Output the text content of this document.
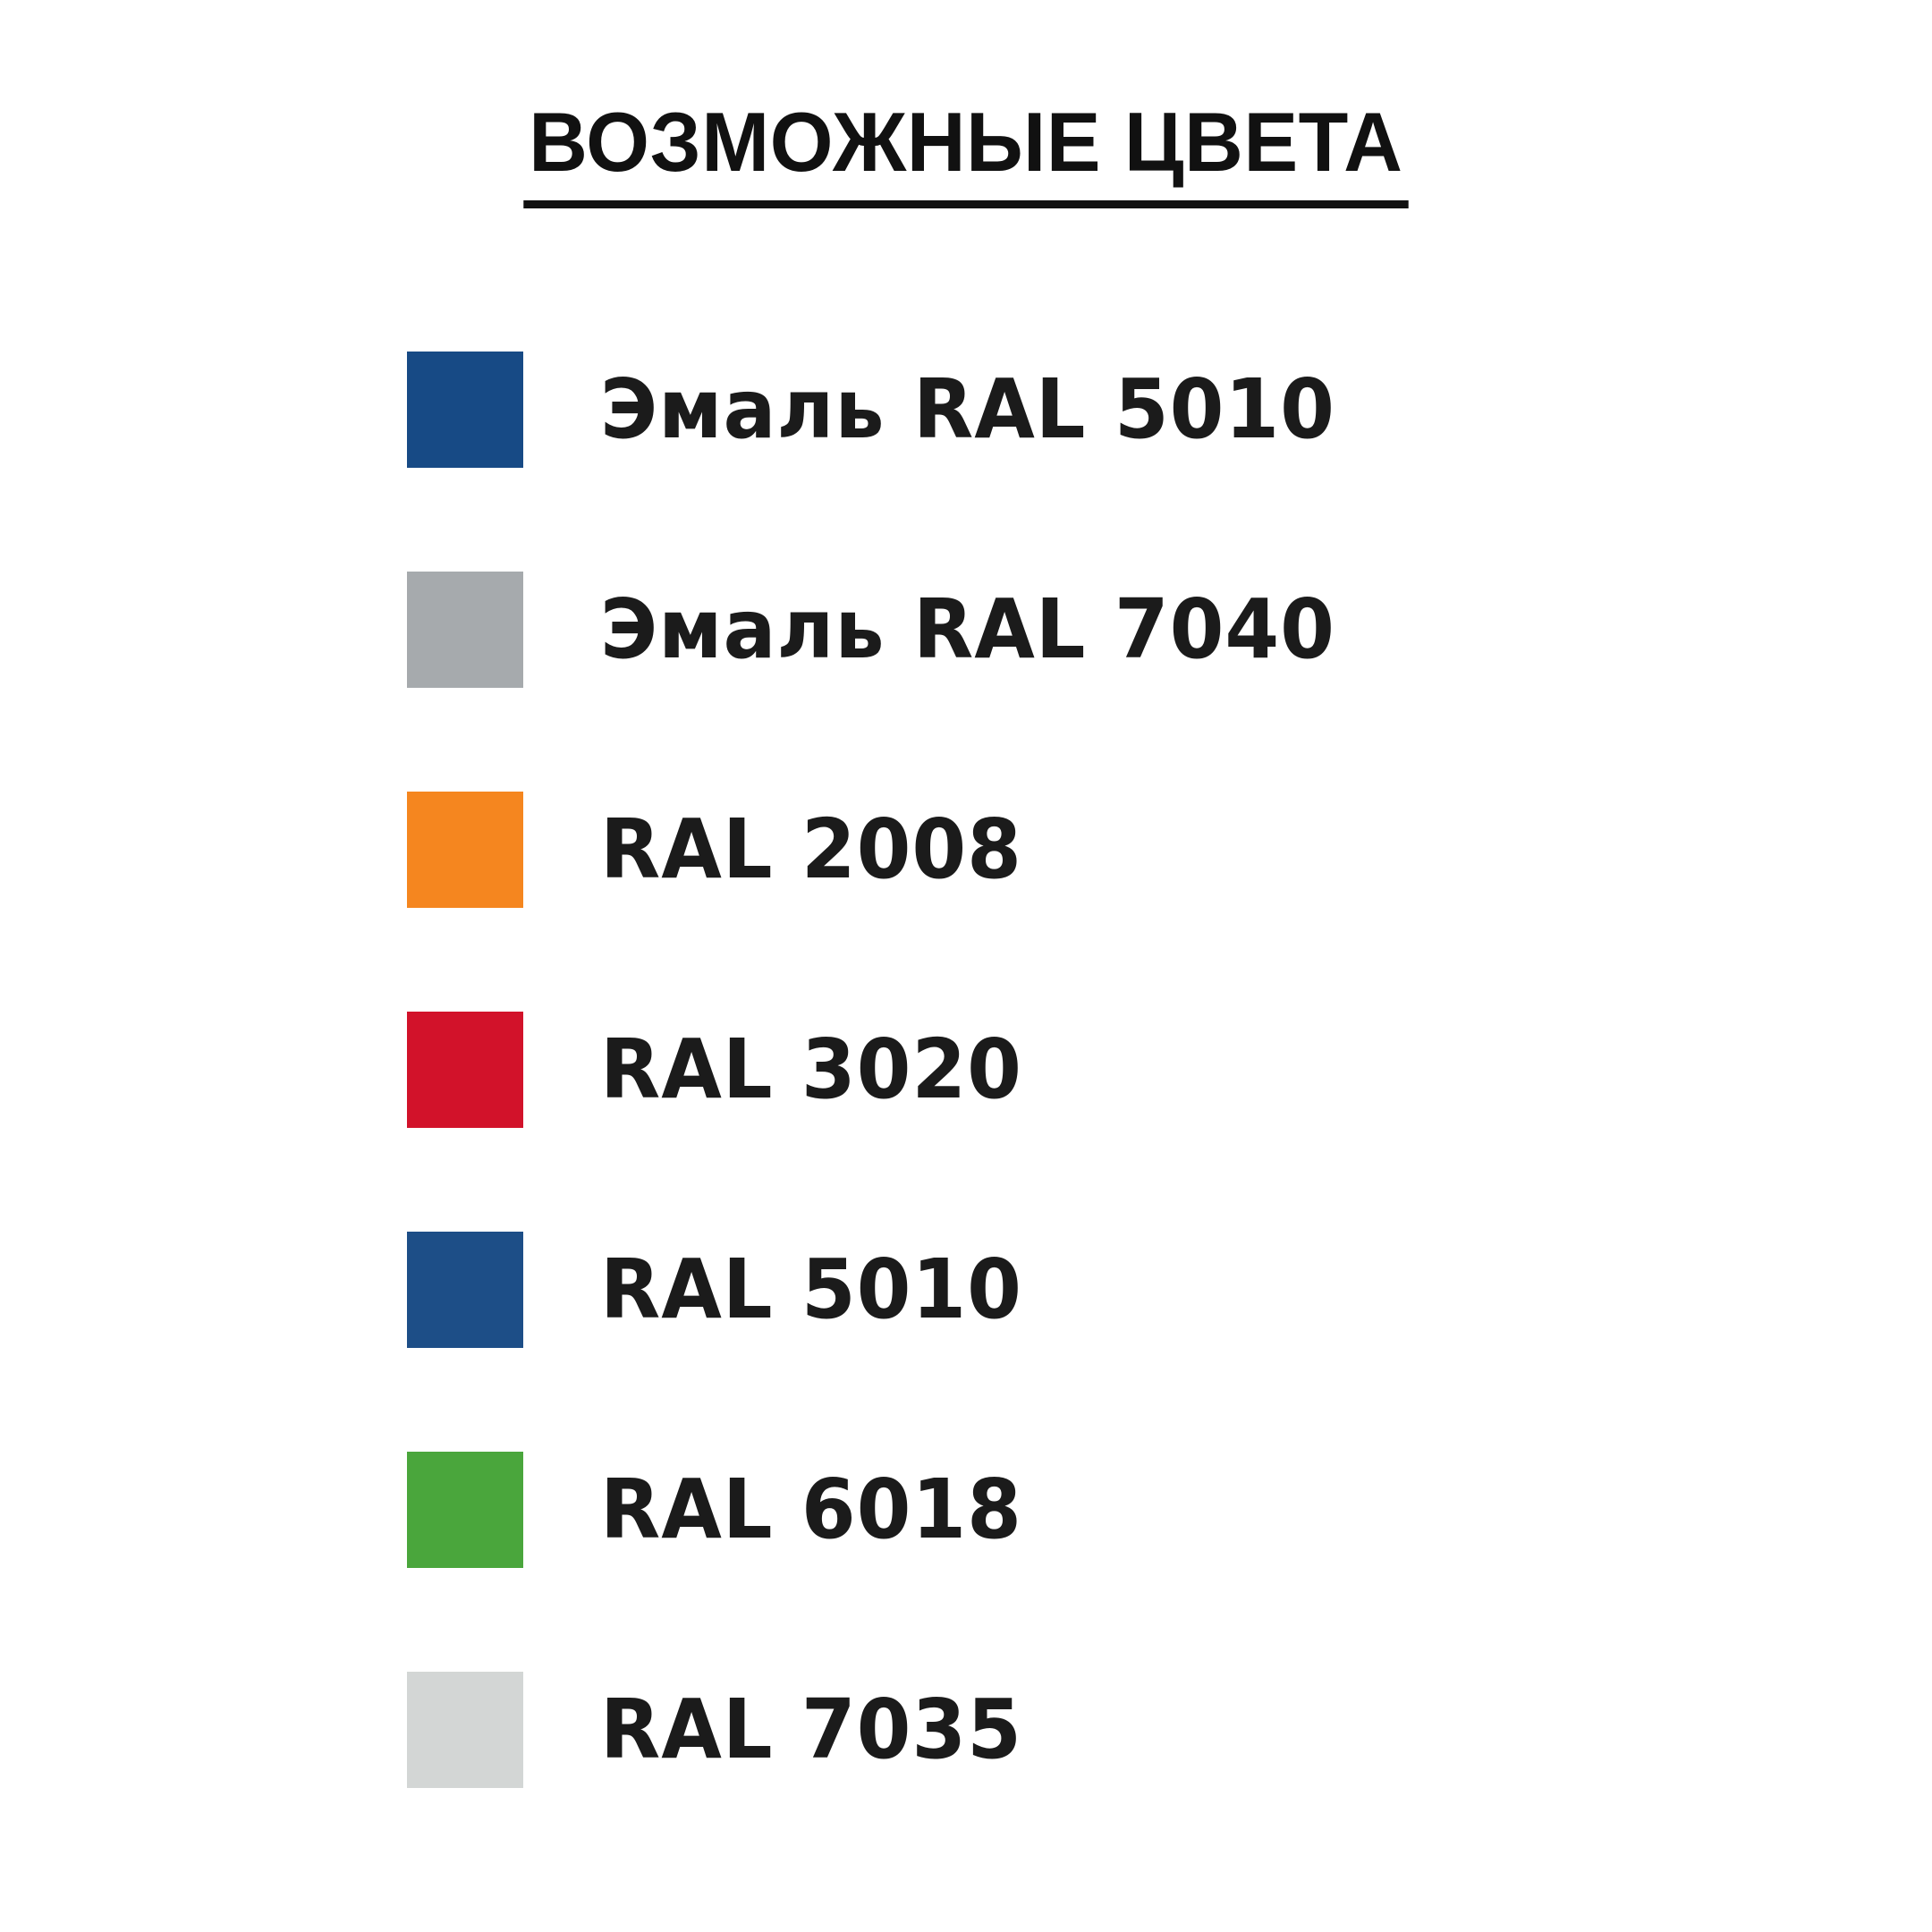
ВОЗМОЖНЫЕ ЦВЕТА
Эмаль RAL 5010
Эмаль RAL 7040
RAL 2008
RAL 3020
RAL 5010
RAL 6018
RAL 7035
